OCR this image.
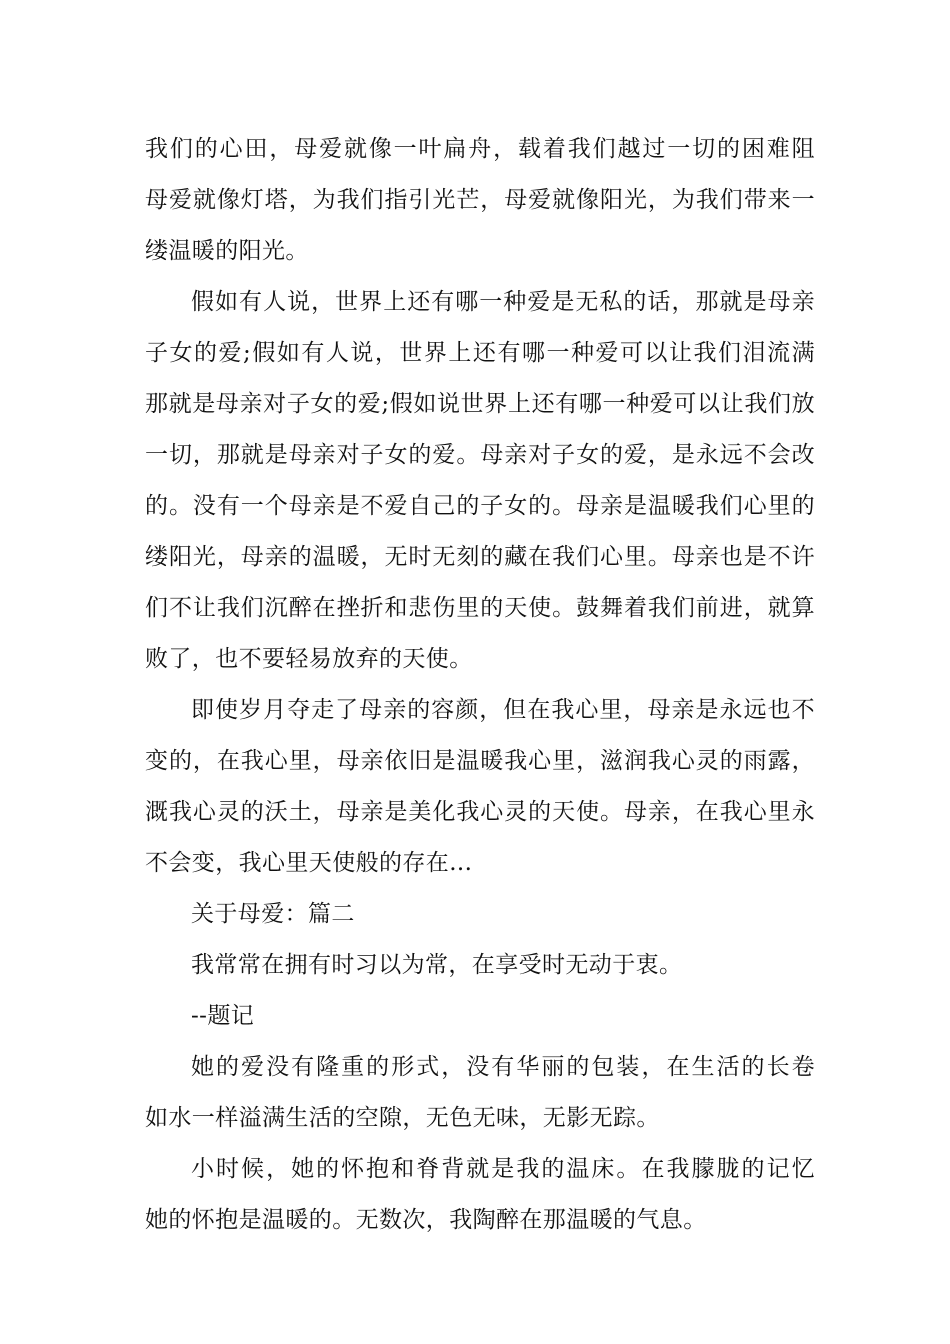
我们的心田，母爱就像一叶扁舟，载着我们越过一切的困难阻
母爱就像灯塔，为我们指引光芒，母爱就像阳光，为我们带来一
缕温暖的阳光。
假如有人说，世界上还有哪一种爱是无私的话，那就是母亲
子女的爱;假如有人说，世界上还有哪一种爱可以让我们泪流满
那就是母亲对子女的爱;假如说世界上还有哪一种爱可以让我们放
一切，那就是母亲对子女的爱。母亲对子女的爱，是永远不会改
的。没有一个母亲是不爱自己的子女的。母亲是温暖我们心里的
缕阳光，母亲的温暖，无时无刻的藏在我们心里。母亲也是不许
们不让我们沉醉在挫折和悲伤里的天使。鼓舞着我们前进，就算
败了，也不要轻易放弃的天使。
即使岁月夺走了母亲的容颜，但在我心里，母亲是永远也不
变的，在我心里，母亲依旧是温暖我心里，滋润我心灵的雨露，
溉我心灵的沃土，母亲是美化我心灵的天使。母亲，在我心里永
不会变，我心里天使般的存在...
关于母爱：篇二
我常常在拥有时习以为常，在享受时无动于衷。
--题记
她的爱没有隆重的形式，没有华丽的包装，在生活的长卷
如水一样溢满生活的空隙，无色无味，无影无踪。
小时候，她的怀抱和脊背就是我的温床。在我朦胧的记忆
她的怀抱是温暖的。无数次，我陶醉在那温暖的气息。
